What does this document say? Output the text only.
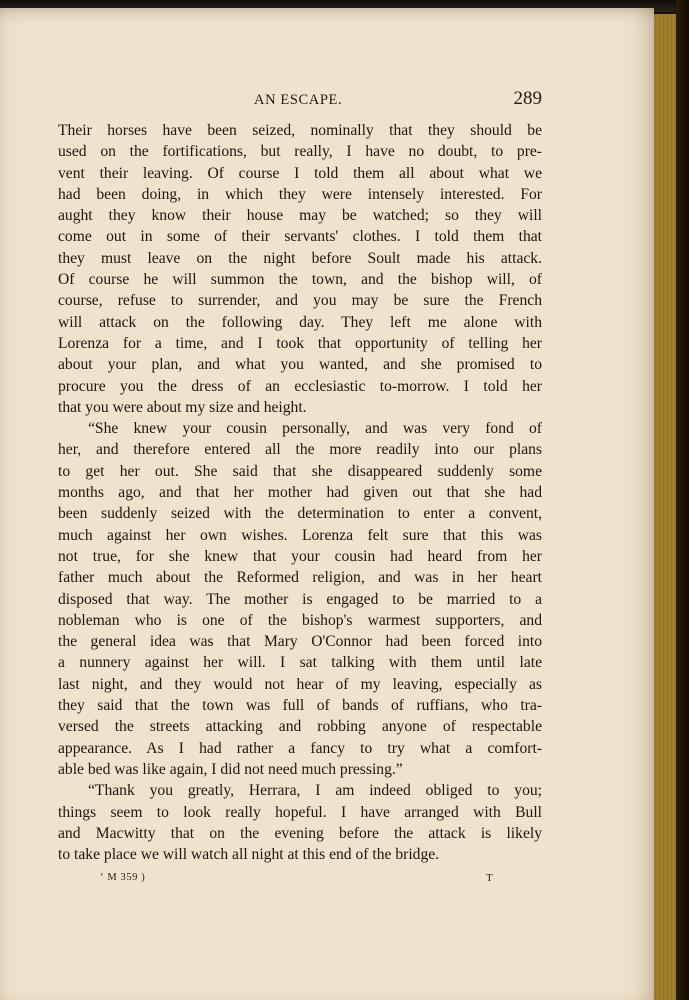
AN ESCAPE.	289
Their horses have been seized, nominally that they should be
used on the fortifications, but really, I have no doubt, to pre-
vent their leaving. Of course I told them all about what we
had been doing, in which they were intensely interested. For
aught they know their house may be watched; so they will
come out in some of their servants' clothes. I told them that
they must leave on the night before Soult made his attack.
Of course he will summon the town, and the bishop will, of
course, refuse to surrender, and you may be sure the French
will attack on the following day. They left me alone with
Lorenza for a time, and I took that opportunity of telling her
about your plan, and what you wanted, and she promised to
procure you the dress of an ecclesiastic to-morrow. I told her
that you were about my size and height.
“She knew your cousin personally, and was very fond of
her, and therefore entered all the more readily into our plans
to get her out. She said that she disappeared suddenly some
months ago, and that her mother had given out that she had
been suddenly seized with the determination to enter a convent,
much against her own wishes. Lorenza felt sure that this was
not true, for she knew that your cousin had heard from her
father much about the Reformed religion, and was in her heart
disposed that way. The mother is engaged to be married to a
nobleman who is one of the bishop's warmest supporters, and
the general idea was that Mary O'Connor had been forced into
a nunnery against her will. I sat talking with them until late
last night, and they would not hear of my leaving, especially as
they said that the town was full of bands of ruffians, who tra-
versed the streets attacking and robbing anyone of respectable
appearance. As I had rather a fancy to try what a comfort-
able bed was like again, I did not need much pressing.”
“Thank you greatly, Herrara, I am indeed obliged to you;
things seem to look really hopeful. I have arranged with Bull
and Macwitty that on the evening before the attack is likely
to take place we will watch all night at this end of the bridge.
‘ M 359 )	T
